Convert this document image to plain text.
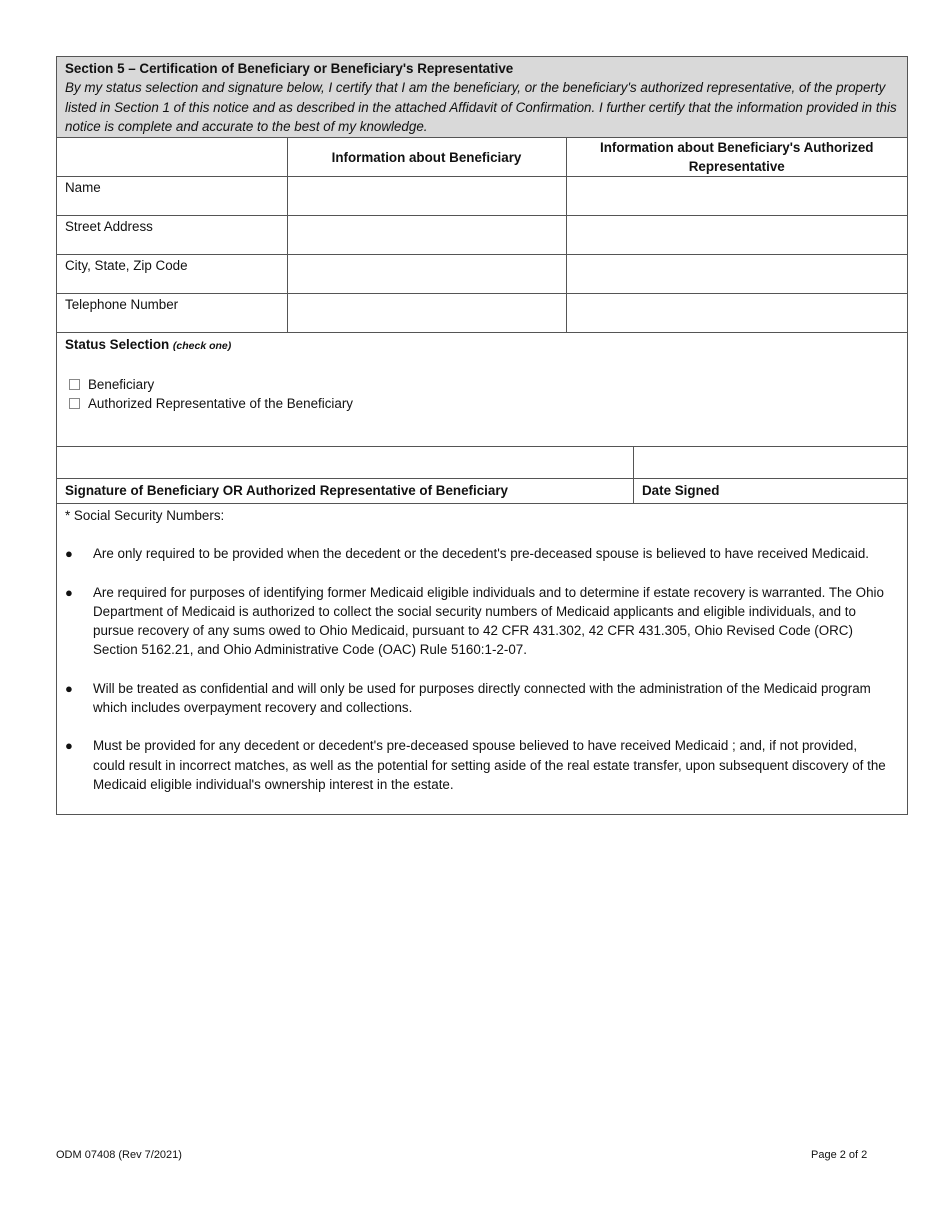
Section 5 – Certification of Beneficiary or Beneficiary's Representative
By my status selection and signature below, I certify that I am the beneficiary, or the beneficiary's authorized representative, of the property listed in Section 1 of this notice and as described in the attached Affidavit of Confirmation. I further certify that the information provided in this notice is complete and accurate to the best of my knowledge.
	Information about Beneficiary	Information about Beneficiary's Authorized Representative
Name		
Street Address		
City, State, Zip Code		
Telephone Number		
Status Selection (check one)
Beneficiary
Authorized Representative of the Beneficiary
Signature of Beneficiary OR Authorized Representative of Beneficiary	Date Signed
* Social Security Numbers:
●	Are only required to be provided when the decedent or the decedent's pre-deceased spouse is believed to have received Medicaid.
●	Are required for purposes of identifying former Medicaid eligible individuals and to determine if estate recovery is warranted. The Ohio Department of Medicaid is authorized to collect the social security numbers of Medicaid applicants and eligible individuals, and to pursue recovery of any sums owed to Ohio Medicaid, pursuant to 42 CFR 431.302, 42 CFR 431.305, Ohio Revised Code (ORC) Section 5162.21, and Ohio Administrative Code (OAC) Rule 5160:1-2-07.
●	Will be treated as confidential and will only be used for purposes directly connected with the administration of the Medicaid program which includes overpayment recovery and collections.
●	Must be provided for any decedent or decedent's pre-deceased spouse believed to have received Medicaid ; and, if not provided, could result in incorrect matches, as well as the potential for setting aside of the real estate transfer, upon subsequent discovery of the Medicaid eligible individual's ownership interest in the estate.
ODM 07408 (Rev 7/2021)	Page 2 of 2
